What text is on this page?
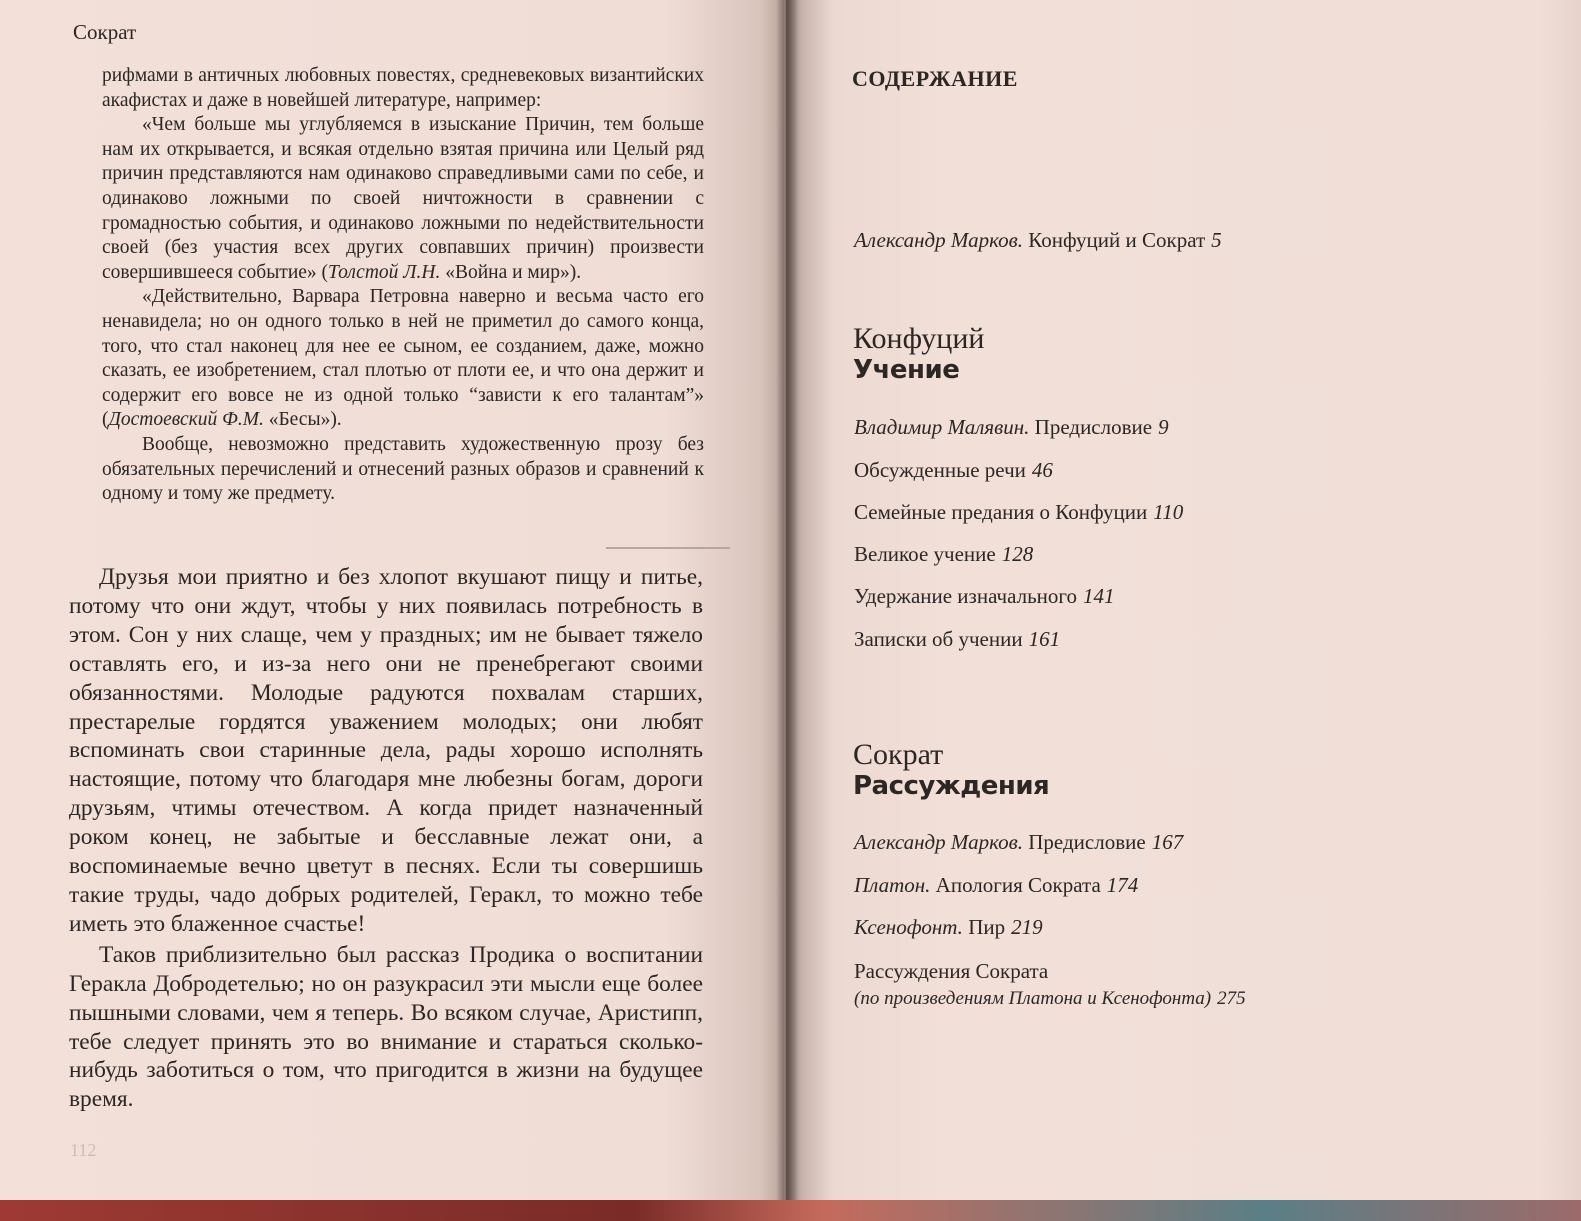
Сократ

рифмами в античных любовных повестях, средневековых византийских акафистах и даже в новейшей литературе, например:

«Чем больше мы углубляемся в изыскание Причин, тем больше нам их открывается, и всякая отдельно взятая причина или Целый ряд причин представляются нам одинаково справедливыми сами по себе, и одинаково ложными по своей ничтожности в сравнении с громадностью события, и одинаково ложными по недействительности своей (без участия всех других совпавших причин) произвести совершившееся событие» (Толстой Л.Н. «Война и мир»).

«Действительно, Варвара Петровна наверно и весьма часто его ненавидела; но он одного только в ней не приметил до самого конца, того, что стал наконец для нее ее сыном, ее созданием, даже, можно сказать, ее изобретением, стал плотью от плоти ее, и что она держит и содержит его вовсе не из одной только “зависти к его талантам”» (Достоевский Ф.М. «Бесы»).

Вообще, невозможно представить художественную прозу без обязательных перечислений и отнесений разных образов и сравнений к одному и тому же предмету.

Друзья мои приятно и без хлопот вкушают пищу и питье, потому что они ждут, чтобы у них появилась потребность в этом. Сон у них слаще, чем у праздных; им не бывает тяжело оставлять его, и из-за него они не пренебрегают своими обязанностями. Молодые радуются похвалам старших, престарелые гордятся уважением молодых; они любят вспоминать свои старинные дела, рады хорошо исполнять настоящие, потому что благодаря мне любезны богам, дороги друзьям, чтимы отечеством. А когда придет назначенный роком конец, не забытые и бесславные лежат они, а воспоминаемые вечно цветут в песнях. Если ты совершишь такие труды, чадо добрых родителей, Геракл, то можно тебе иметь это блаженное счастье!

Таков приблизительно был рассказ Продика о воспитании Геракла Добродетелью; но он разукрасил эти мысли еще более пышными словами, чем я теперь. Во всяком случае, Аристипп, тебе следует принять это во внимание и стараться сколько-нибудь заботиться о том, что пригодится в жизни на будущее время.

112
СОДЕРЖАНИЕ
Александр Марков. Конфуций и Сократ 5
Конфуций
Учение
Владимир Малявин. Предисловие 9
Обсужденные речи 46
Семейные предания о Конфуции 110
Великое учение 128
Удержание изначального 141
Записки об учении 161
Сократ
Рассуждения
Александр Марков. Предисловие 167
Платон. Апология Сократа 174
Ксенофонт. Пир 219
Рассуждения Сократа
(по произведениям Платона и Ксенофонта) 275
